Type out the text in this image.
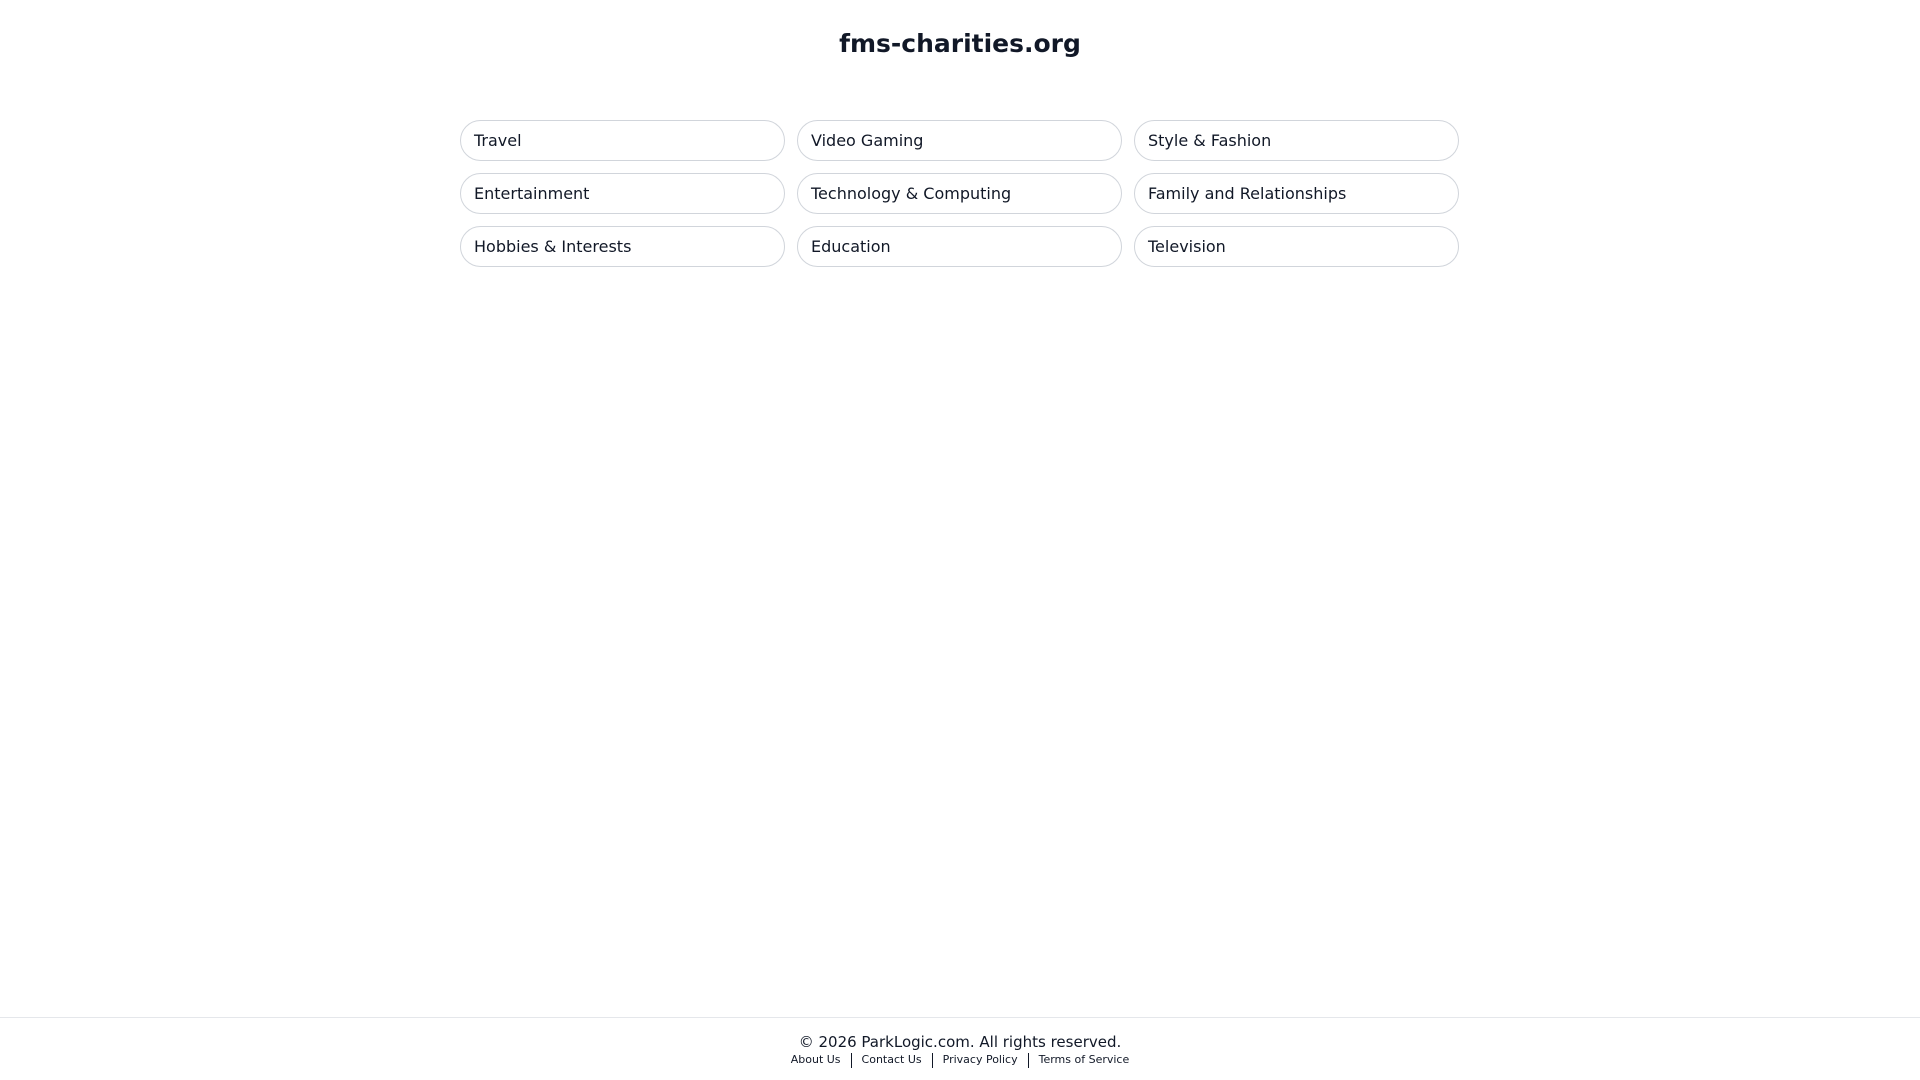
fms-charities.org
Travel	Video Gaming	Style & Fashion
Entertainment	Technology & Computing	Family and Relationships
Hobbies & Interests	Education	Television
© 2026 ParkLogic.com. All rights reserved.
About Us	Contact Us	Privacy Policy	Terms of Service
